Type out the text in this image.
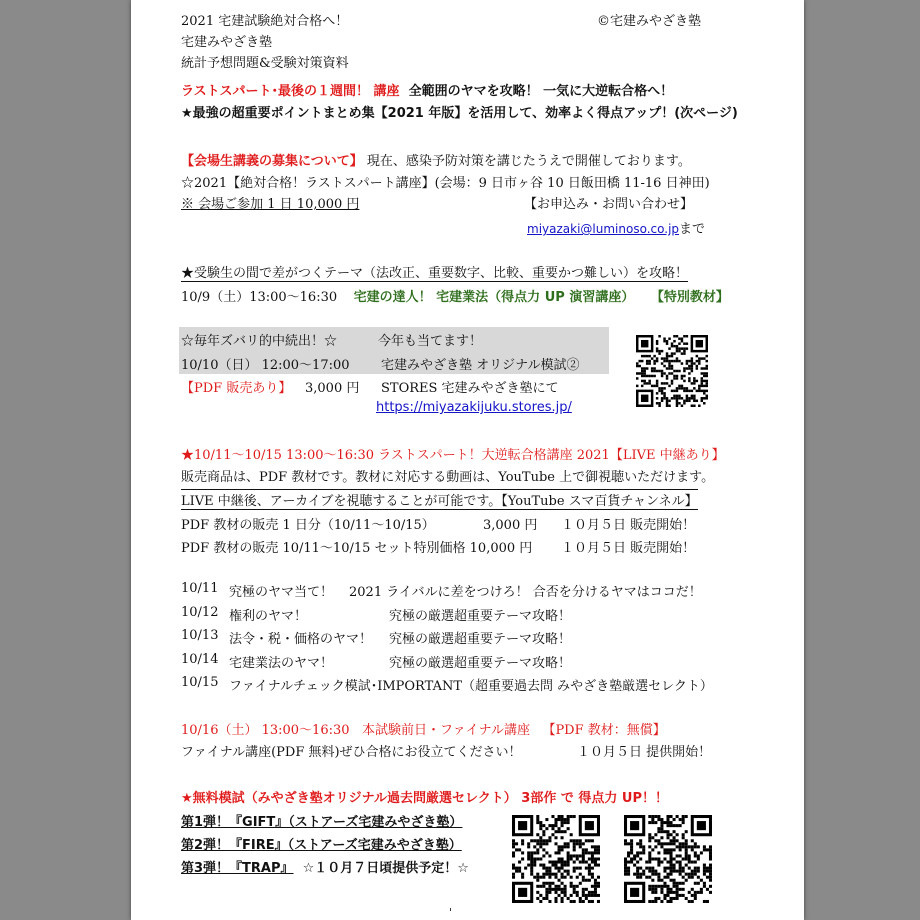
2021 宅建試験絶対合格へ！	©宅建みやざき塾
宅建みやざき塾
統計予想問題&受験対策資料
ラストスパート･最後の１週間！ 講座 全範囲のヤマを攻略！ 一気に大逆転合格へ！
★最強の超重要ポイントまとめ集【2021 年版】を活用して、効率よく得点アップ！(次ページ)
【会場生講義の募集について】 現在、感染予防対策を講じたうえで開催しております。
☆2021【絶対合格！ラストスパート講座】(会場：9 日市ヶ谷 10 日飯田橋 11-16 日神田)
※ 会場ご参加 1 日 10,000 円	【お申込み・お問い合わせ】
miyazaki@luminoso.co.jpまで
★受験生の間で差がつくテーマ（法改正、重要数字、比較、重要かつ難しい）を攻略！
10/9（土）13:00～16:30 宅建の達人！ 宅建業法（得点力 UP 演習講座） 【特別教材】
☆毎年ズバリ的中続出！☆	今年も当てます！
10/10（日） 12:00～17:00 宅建みやざき塾 オリジナル模試②
【PDF 販売あり】 3,000 円 STORES 宅建みやざき塾にて
https://miyazakijuku.stores.jp/
★10/11～10/15 13:00～16:30 ラストスパート！大逆転合格講座 2021【LIVE 中継あり】
販売商品は、PDF 教材です。教材に対応する動画は、YouTube 上で御視聴いただけます。
LIVE 中継後、アーカイブを視聴することが可能です。【YouTube スマ百貨チャンネル】
PDF 教材の販売 1 日分（10/11～10/15）	3,000 円 １０月５日 販売開始！
PDF 教材の販売 10/11～10/15 セット特別価格 10,000 円 １０月５日 販売開始！
10/11 究極のヤマ当て！ 2021 ライバルに差をつけろ！ 合否を分けるヤマはココだ！
10/12 権利のヤマ！	究極の厳選超重要テーマ攻略！
10/13 法令・税・価格のヤマ！ 究極の厳選超重要テーマ攻略！
10/14 宅建業法のヤマ！	究極の厳選超重要テーマ攻略！
10/15 ファイナルチェック模試･IMPORTANT（超重要過去問 みやざき塾厳選セレクト）
10/16（土） 13:00～16:30 本試験前日・ファイナル講座 【PDF 教材：無償】
ファイナル講座(PDF 無料)ぜひ合格にお役立てください！	１０月５日 提供開始！
★無料模試（みやざき塾オリジナル過去問厳選セレクト） 3部作 で 得点力 UP！！
第1弾！『GIFT』（ストアーズ宅建みやざき塾）
第2弾！『FIRE』（ストアーズ宅建みやざき塾）
第3弾！『TRAP』 ☆１０月７日頃提供予定！☆
'
